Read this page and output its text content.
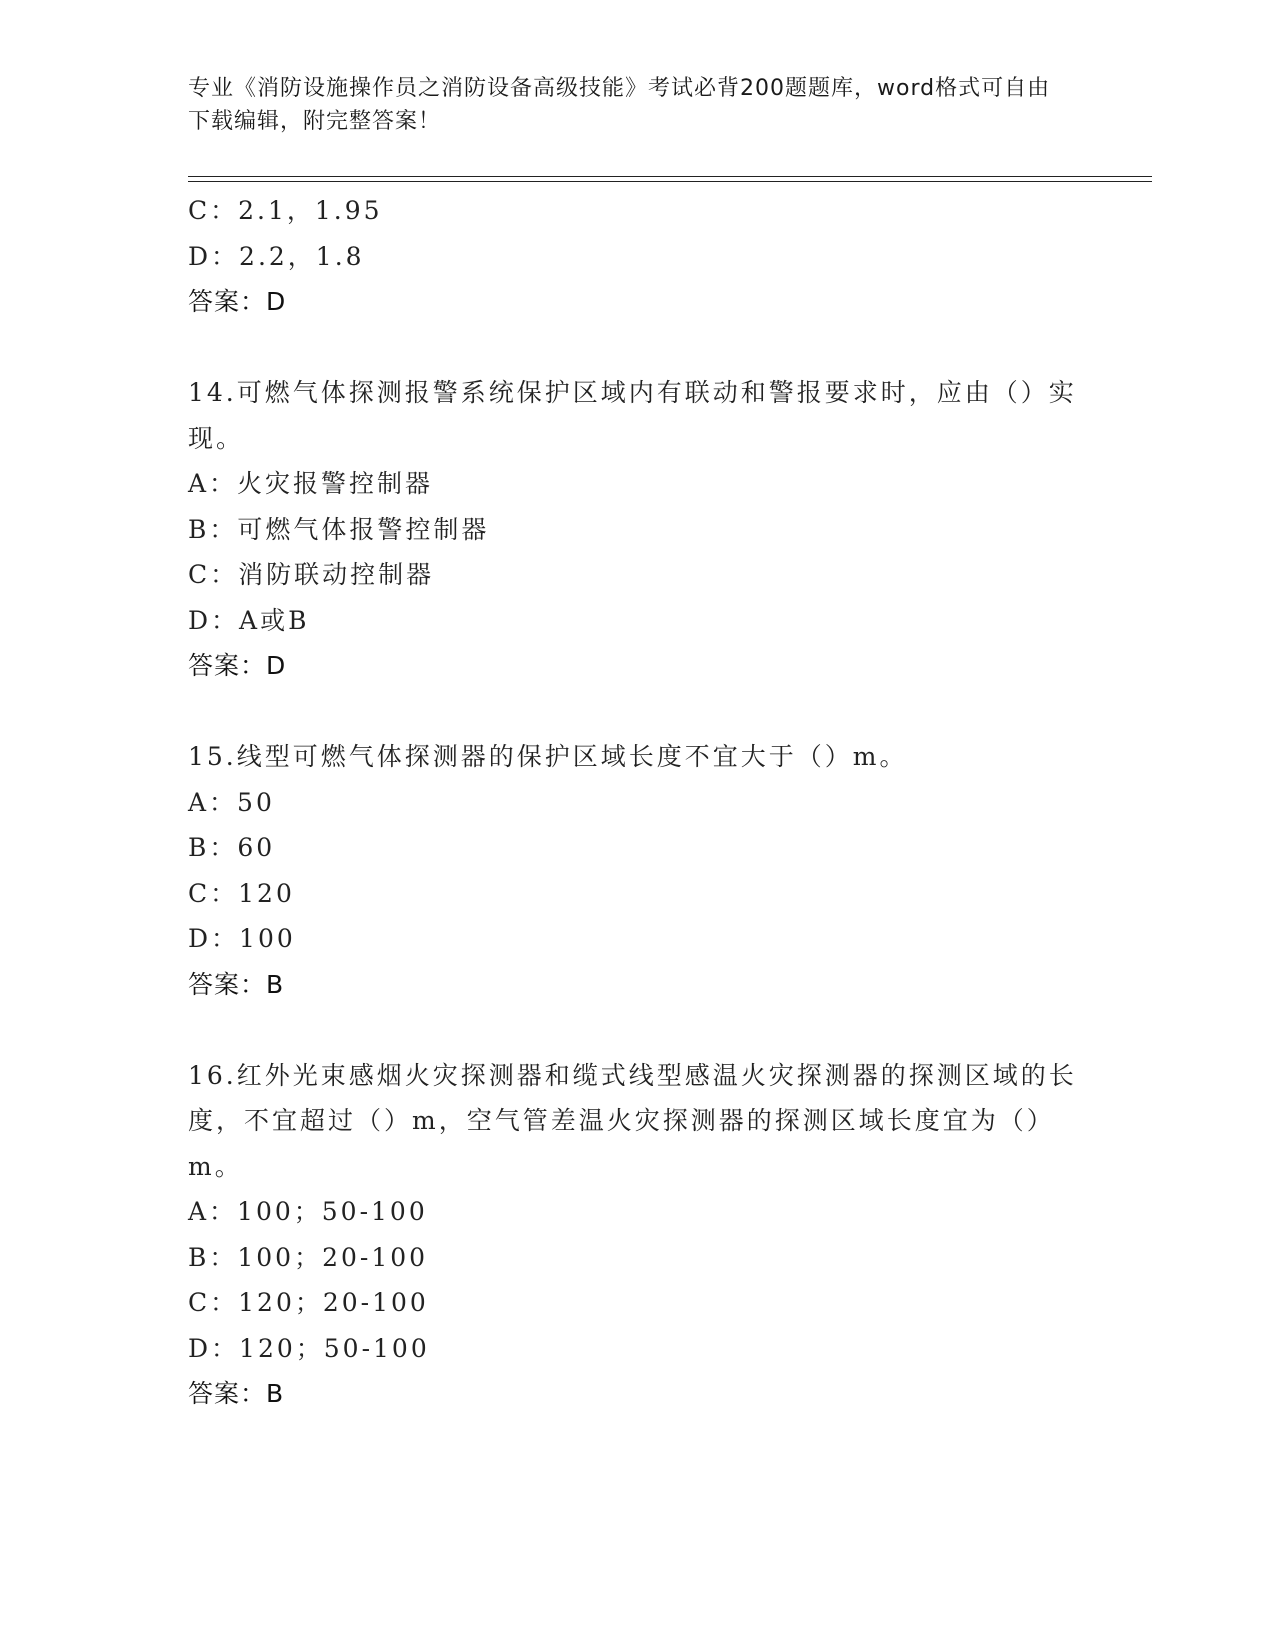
专业《消防设施操作员之消防设备高级技能》考试必背200题题库，word格式可自由下载编辑，附完整答案！
C：2.1，1.95
D：2.2，1.8
答案：D
14.可燃气体探测报警系统保护区域内有联动和警报要求时，应由（）实现。
A：火灾报警控制器
B：可燃气体报警控制器
C：消防联动控制器
D：A或B
答案：D
15.线型可燃气体探测器的保护区域长度不宜大于（）m。
A：50
B：60
C：120
D：100
答案：B
16.红外光束感烟火灾探测器和缆式线型感温火灾探测器的探测区域的长度，不宜超过（）m，空气管差温火灾探测器的探测区域长度宜为（）m。
A：100；50-100
B：100；20-100
C：120；20-100
D：120；50-100
答案：B
